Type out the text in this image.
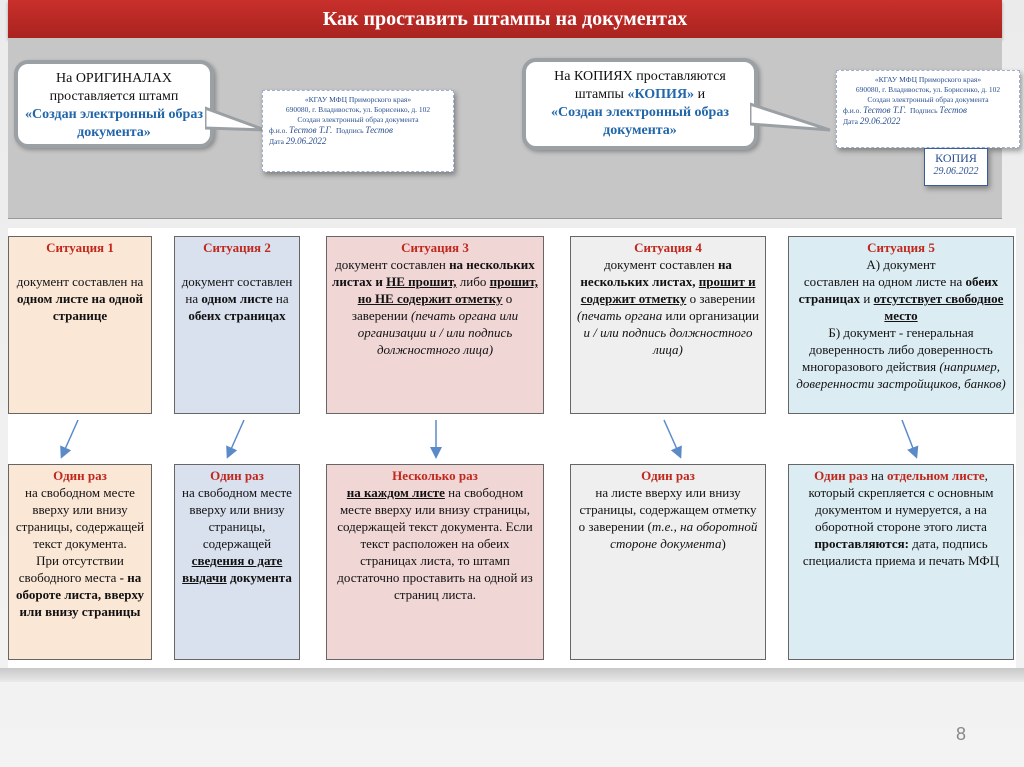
Как проставить штампы на документах
На ОРИГИНАЛАХ
проставляется штамп
«Создан электронный образ документа»
«КГАУ МФЦ Приморского края»
690080, г. Владивосток, ул. Борисенко, д. 102
Создан электронный образ документа
ф.и.о. Тестов Т.Г. Подпись Тестов
Дата 29.06.2022
На КОПИЯХ проставляются
штампы «КОПИЯ» и
«Создан электронный образ документа»
«КГАУ МФЦ Приморского края»
690080, г. Владивосток, ул. Борисенко, д. 102
Создан электронный образ документа
ф.и.о. Тестов Т.Г. Подпись Тестов
Дата 29.06.2022
КОПИЯ
29.06.2022
Ситуация 1

документ составлен на
одном листе на одной странице
Ситуация 2

документ составлен на одном листе на обеих страницах
Ситуация 3
документ составлен на нескольких листах и НЕ прошит, либо прошит, но НЕ содержит отметку о заверении (печать органа или организации и / или подпись должностного лица)
Ситуация 4
документ составлен на нескольких листах, прошит и содержит отметку о заверении (печать органа или организации и / или подпись должностного лица)
Ситуация 5
А) документ
составлен на одном листе на обеих страницах и отсутствует свободное место
Б) документ - генеральная доверенность либо доверенность многоразового действия (например, доверенности застройщиков, банков)
Один раз
на свободном месте вверху или внизу страницы, содержащей текст документа.
При отсутствии свободного места - на обороте листа, вверху или внизу страницы
Один раз
на свободном месте вверху или внизу страницы, содержащей сведения о дате выдачи документа
Несколько раз
на каждом листе на свободном месте вверху или внизу страницы, содержащей текст документа. Если текст расположен на обеих страницах листа, то штамп достаточно проставить на одной из страниц листа.
Один раз
на листе вверху или внизу страницы, содержащем отметку о заверении (т.е., на оборотной стороне документа)
Один раз на отдельном листе, который скрепляется с основным документом и нумеруется, а на оборотной стороне этого листа проставляются: дата, подпись специалиста приема и печать МФЦ
8
